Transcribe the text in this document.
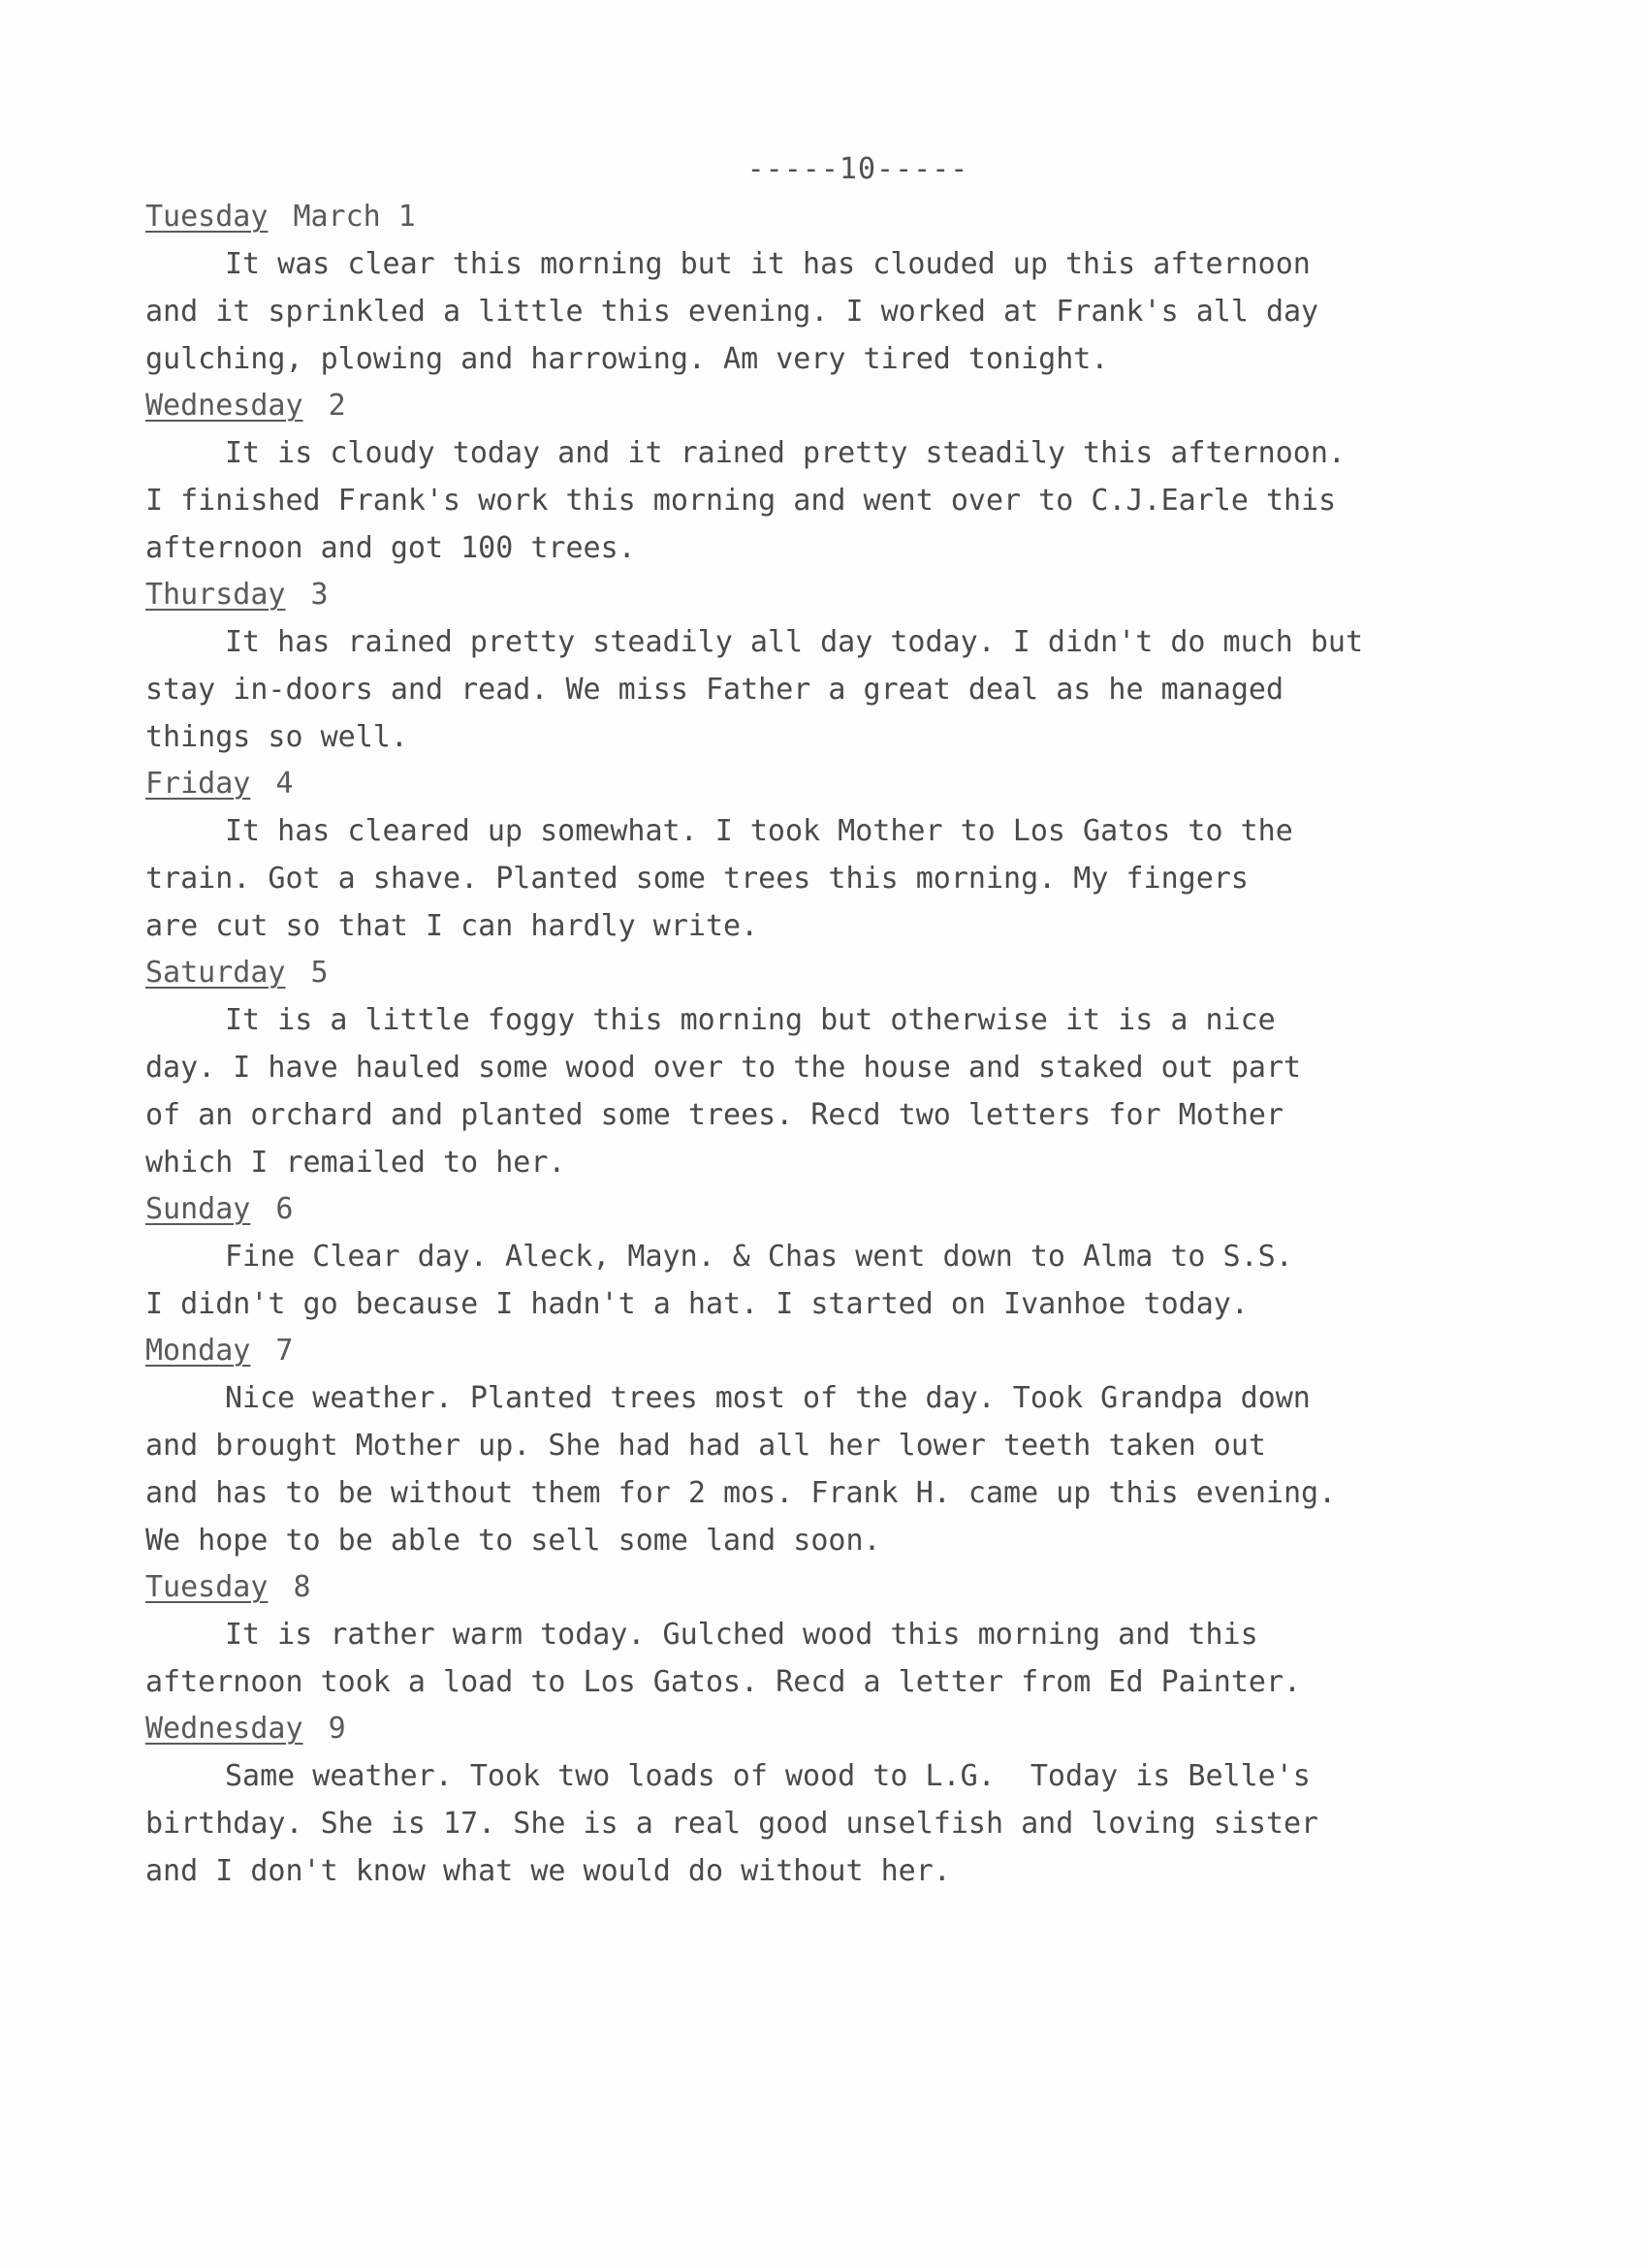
-----10-----
Tuesday March 1
It was clear this morning but it has clouded up this afternoon
and it sprinkled a little this evening. I worked at Frank's all day
gulching, plowing and harrowing. Am very tired tonight.
Wednesday 2
It is cloudy today and it rained pretty steadily this afternoon.
I finished Frank's work this morning and went over to C.J.Earle this
afternoon and got 100 trees.
Thursday 3
It has rained pretty steadily all day today. I didn't do much but
stay in-doors and read. We miss Father a great deal as he managed
things so well.
Friday 4
It has cleared up somewhat. I took Mother to Los Gatos to the
train. Got a shave. Planted some trees this morning. My fingers
are cut so that I can hardly write.
Saturday 5
It is a little foggy this morning but otherwise it is a nice
day. I have hauled some wood over to the house and staked out part
of an orchard and planted some trees. Recd two letters for Mother
which I remailed to her.
Sunday 6
Fine Clear day. Aleck, Mayn. & Chas went down to Alma to S.S.
I didn't go because I hadn't a hat. I started on Ivanhoe today.
Monday 7
Nice weather. Planted trees most of the day. Took Grandpa down
and brought Mother up. She had had all her lower teeth taken out
and has to be without them for 2 mos. Frank H. came up this evening.
We hope to be able to sell some land soon.
Tuesday 8
It is rather warm today. Gulched wood this morning and this
afternoon took a load to Los Gatos. Recd a letter from Ed Painter.
Wednesday 9
Same weather. Took two loads of wood to L.G.  Today is Belle's
birthday. She is 17. She is a real good unselfish and loving sister
and I don't know what we would do without her.
